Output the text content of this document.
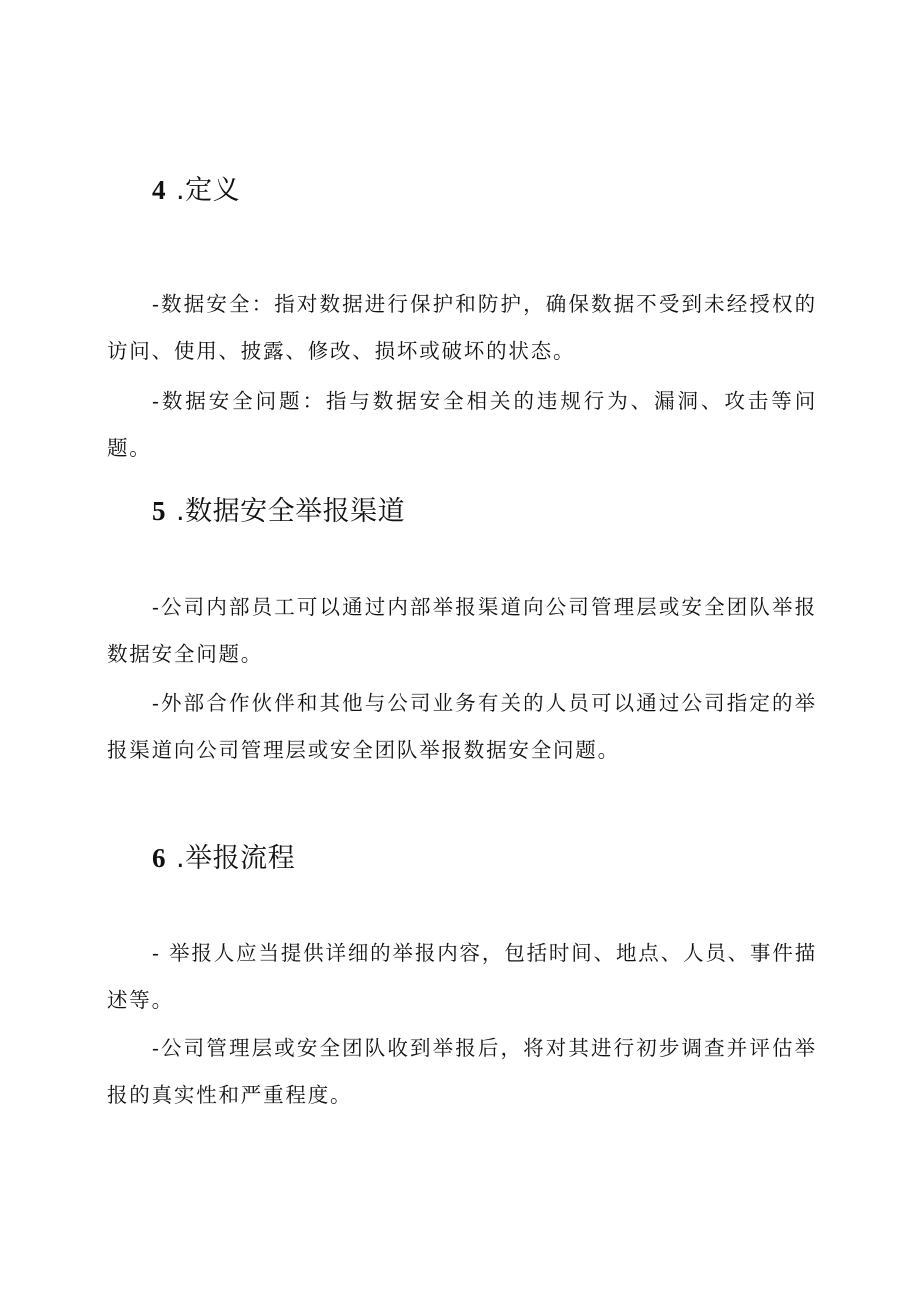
4 .定义

-数据安全：指对数据进行保护和防护，确保数据不受到未经授权的访问、使用、披露、修改、损坏或破坏的状态。

-数据安全问题：指与数据安全相关的违规行为、漏洞、攻击等问题。

5 .数据安全举报渠道

-公司内部员工可以通过内部举报渠道向公司管理层或安全团队举报数据安全问题。

-外部合作伙伴和其他与公司业务有关的人员可以通过公司指定的举报渠道向公司管理层或安全团队举报数据安全问题。

6 .举报流程

- 举报人应当提供详细的举报内容，包括时间、地点、人员、事件描述等。

-公司管理层或安全团队收到举报后，将对其进行初步调查并评估举报的真实性和严重程度。
